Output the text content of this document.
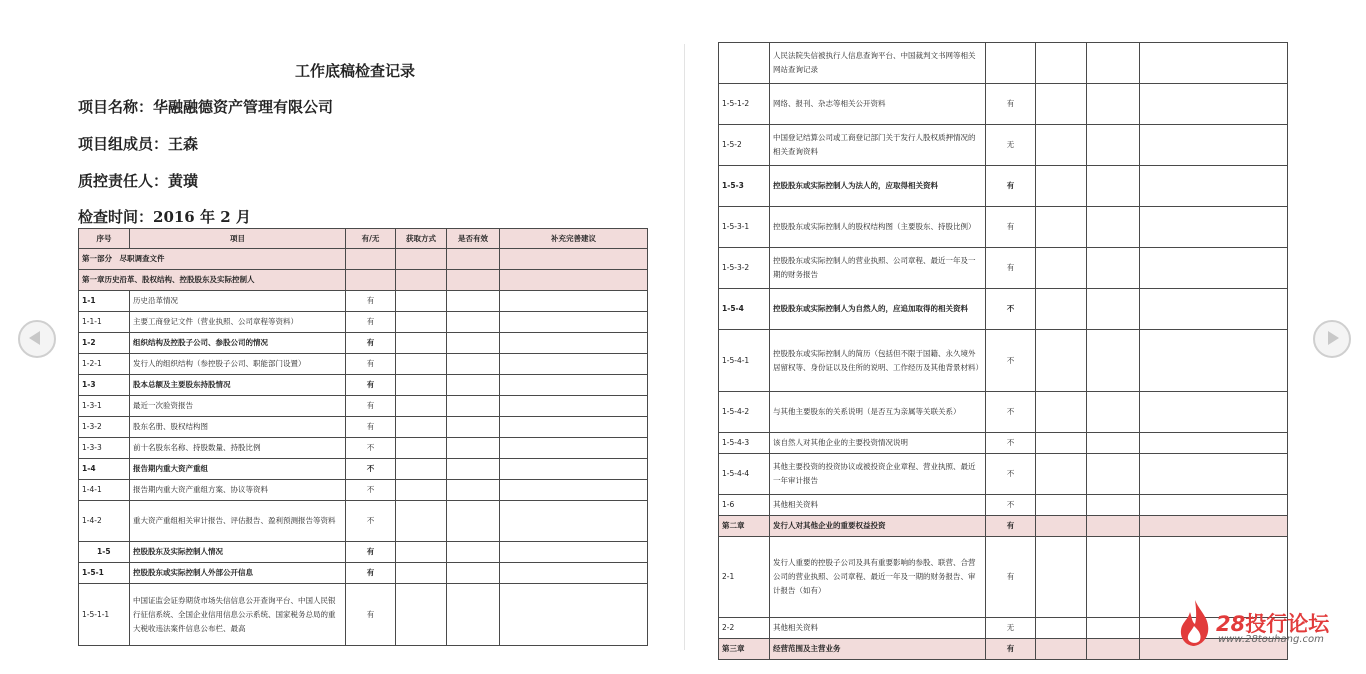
工作底稿检查记录
项目名称：华融融德资产管理有限公司
项目组成员：王森
质控责任人：黄璜
检查时间：2016 年 2 月
序号	项目	有/无	获取方式	是否有效	补充完善建议
第一部分　尽职调查文件					
第一章历史沿革、股权结构、控股股东及实际控制人					
1-1	历史沿革情况	有			
1-1-1	主要工商登记文件（营业执照、公司章程等资料）	有			
1-2	组织结构及控股子公司、参股公司的情况	有			
1-2-1	发行人的组织结构（参控股子公司、职能部门设置）	有			
1-3	股本总额及主要股东持股情况	有			
1-3-1	最近一次验资报告	有			
1-3-2	股东名册、股权结构图	有			
1-3-3	前十名股东名称、持股数量、持股比例	不			
1-4	报告期内重大资产重组	不			
1-4-1	报告期内重大资产重组方案、协议等资料	不			
1-4-2	重大资产重组相关审计报告、评估报告、盈利预测报告等资料	不			
1-5	控股股东及实际控制人情况	有			
1-5-1	控股股东或实际控制人外部公开信息	有			
1-5-1-1	中国证监会证券期货市场失信信息公开查询平台、中国人民银行征信系统、全国企业信用信息公示系统、国家税务总局的重大税收违法案件信息公布栏、最高	有			
	人民法院失信被执行人信息查询平台、中国裁判文书网等相关网站查询记录				
1-5-1-2	网络、报刊、杂志等相关公开资料	有			
1-5-2	中国登记结算公司或工商登记部门关于发行人股权质押情况的相关查询资料	无			
1-5-3	控股股东或实际控制人为法人的，应取得相关资料	有			
1-5-3-1	控股股东或实际控制人的股权结构图（主要股东、持股比例）	有			
1-5-3-2	控股股东或实际控制人的营业执照、公司章程、最近一年及一期的财务报告	有			
1-5-4	控股股东或实际控制人为自然人的，应追加取得的相关资料	不			
1-5-4-1	控股股东或实际控制人的简历（包括但不限于国籍、永久境外居留权等、身份证以及住所的说明、工作经历及其他背景材料）	不			
1-5-4-2	与其他主要股东的关系说明（是否互为亲属等关联关系）	不			
1-5-4-3	该自然人对其他企业的主要投资情况说明	不			
1-5-4-4	其他主要投资的投资协议或被投资企业章程、营业执照、最近一年审计报告	不			
1-6	其他相关资料	不			
第二章	发行人对其他企业的重要权益投资	有			
2-1	发行人重要的控股子公司及具有重要影响的参股、联营、合营公司的营业执照、公司章程、最近一年及一期的财务报告、审计报告（如有）	有			
2-2	其他相关资料	无			
第三章	经营范围及主营业务	有			
28投行论坛
www.28touhang.com
